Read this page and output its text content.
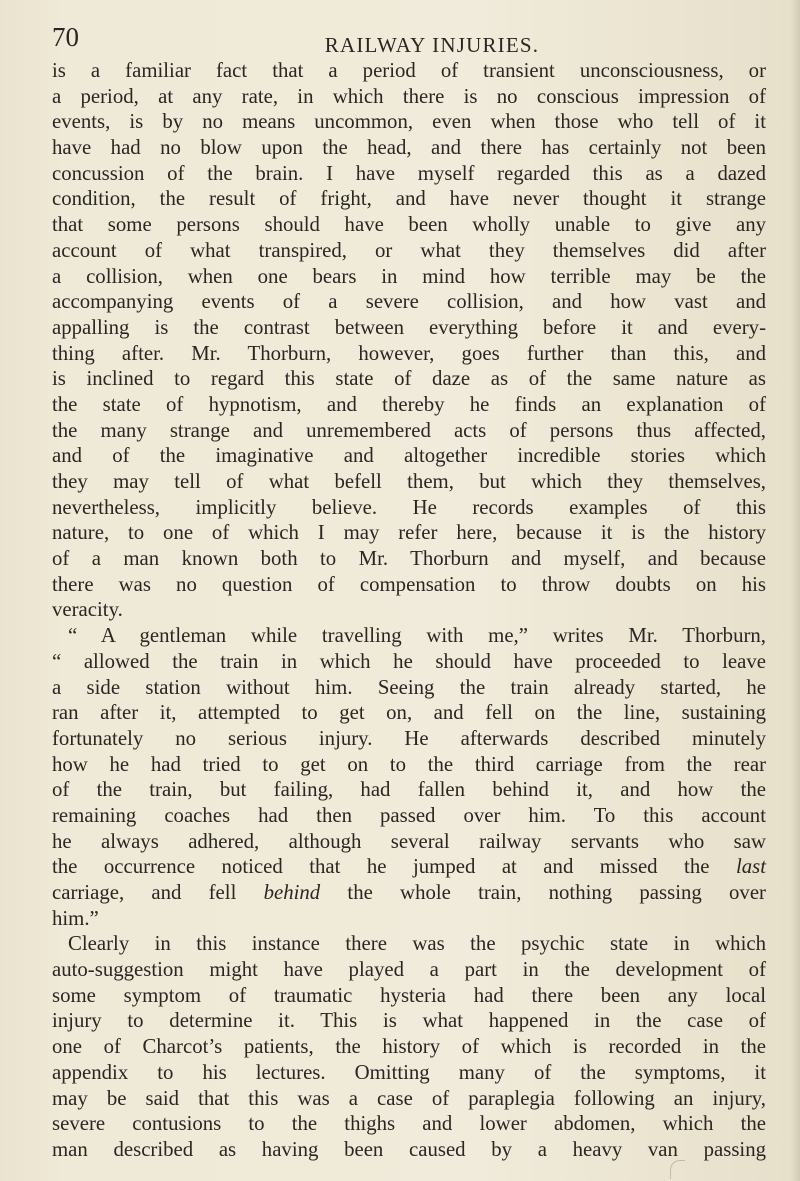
70	RAILWAY INJURIES.
is a familiar fact that a period of transient unconsciousness, or
a period, at any rate, in which there is no conscious impression of
events, is by no means uncommon, even when those who tell of it
have had no blow upon the head, and there has certainly not been
concussion of the brain. I have myself regarded this as a dazed
condition, the result of fright, and have never thought it strange
that some persons should have been wholly unable to give any
account of what transpired, or what they themselves did after
a collision, when one bears in mind how terrible may be the
accompanying events of a severe collision, and how vast and
appalling is the contrast between everything before it and every-
thing after. Mr. Thorburn, however, goes further than this, and
is inclined to regard this state of daze as of the same nature as
the state of hypnotism, and thereby he finds an explanation of
the many strange and unremembered acts of persons thus affected,
and of the imaginative and altogether incredible stories which
they may tell of what befell them, but which they themselves,
nevertheless, implicitly believe. He records examples of this
nature, to one of which I may refer here, because it is the history
of a man known both to Mr. Thorburn and myself, and because
there was no question of compensation to throw doubts on his
veracity.
“ A gentleman while travelling with me,” writes Mr. Thorburn,
“ allowed the train in which he should have proceeded to leave
a side station without him. Seeing the train already started, he
ran after it, attempted to get on, and fell on the line, sustaining
fortunately no serious injury. He afterwards described minutely
how he had tried to get on to the third carriage from the rear
of the train, but failing, had fallen behind it, and how the
remaining coaches had then passed over him. To this account
he always adhered, although several railway servants who saw
the occurrence noticed that he jumped at and missed the last
carriage, and fell behind the whole train, nothing passing over
him.”
Clearly in this instance there was the psychic state in which
auto-suggestion might have played a part in the development of
some symptom of traumatic hysteria had there been any local
injury to determine it. This is what happened in the case of
one of Charcot’s patients, the history of which is recorded in the
appendix to his lectures. Omitting many of the symptoms, it
may be said that this was a case of paraplegia following an injury,
severe contusions to the thighs and lower abdomen, which the
man described as having been caused by a heavy van passing
